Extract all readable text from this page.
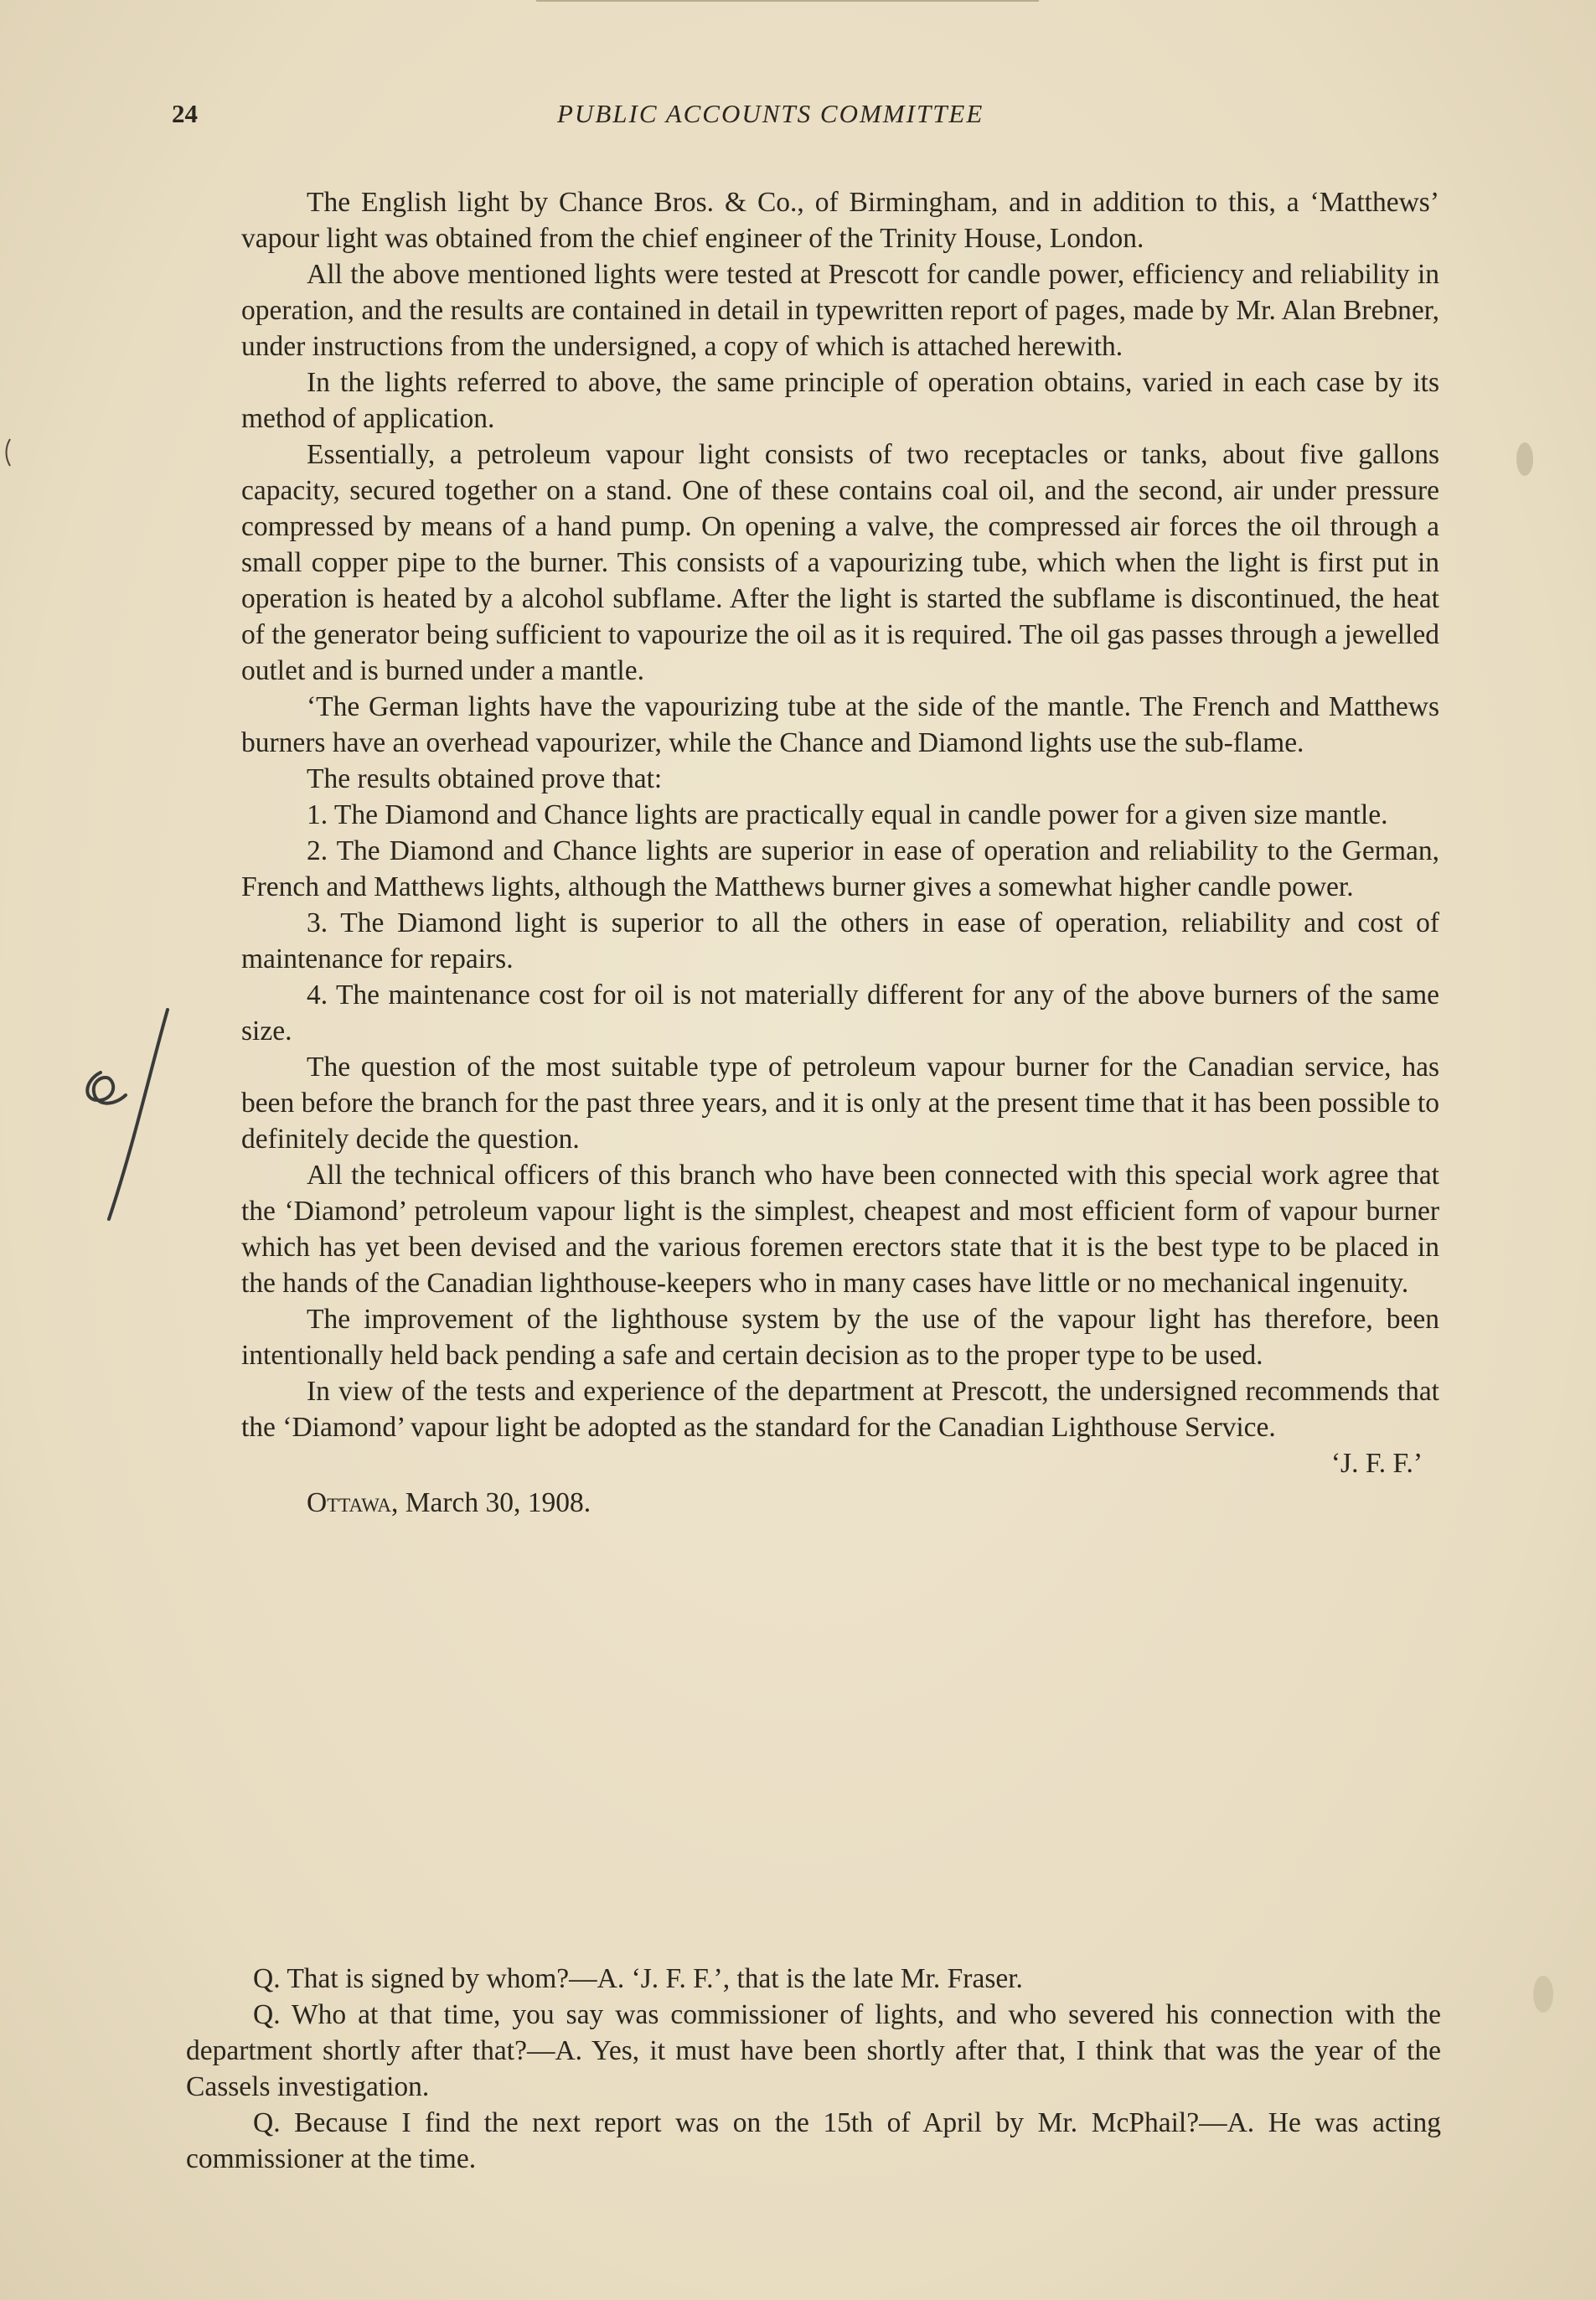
24	PUBLIC ACCOUNTS COMMITTEE

The English light by Chance Bros. & Co., of Birmingham, and in addition to this, a ‘Matthews’ vapour light was obtained from the chief engineer of the Trinity House, London.

All the above mentioned lights were tested at Prescott for candle power, efficiency and reliability in operation, and the results are contained in detail in typewritten report of pages, made by Mr. Alan Brebner, under instructions from the undersigned, a copy of which is attached herewith.

In the lights referred to above, the same principle of operation obtains, varied in each case by its method of application.

Essentially, a petroleum vapour light consists of two receptacles or tanks, about five gallons capacity, secured together on a stand. One of these contains coal oil, and the second, air under pressure compressed by means of a hand pump. On opening a valve, the compressed air forces the oil through a small copper pipe to the burner. This consists of a vapourizing tube, which when the light is first put in operation is heated by a alcohol subflame. After the light is started the subflame is discontinued, the heat of the generator being sufficient to vapourize the oil as it is required. The oil gas passes through a jewelled outlet and is burned under a mantle.

‘The German lights have the vapourizing tube at the side of the mantle. The French and Matthews burners have an overhead vapourizer, while the Chance and Diamond lights use the sub-flame.

The results obtained prove that:

1. The Diamond and Chance lights are practically equal in candle power for a given size mantle.

2. The Diamond and Chance lights are superior in ease of operation and reliability to the German, French and Matthews lights, although the Matthews burner gives a somewhat higher candle power.

3. The Diamond light is superior to all the others in ease of operation, reliability and cost of maintenance for repairs.

4. The maintenance cost for oil is not materially different for any of the above burners of the same size.

The question of the most suitable type of petroleum vapour burner for the Canadian service, has been before the branch for the past three years, and it is only at the present time that it has been possible to definitely decide the question.

All the technical officers of this branch who have been connected with this special work agree that the ‘Diamond’ petroleum vapour light is the simplest, cheapest and most efficient form of vapour burner which has yet been devised and the various foremen erectors state that it is the best type to be placed in the hands of the Canadian lighthouse-keepers who in many cases have little or no mechanical ingenuity.

The improvement of the lighthouse system by the use of the vapour light has therefore, been intentionally held back pending a safe and certain decision as to the proper type to be used.

In view of the tests and experience of the department at Prescott, the undersigned recommends that the ‘Diamond’ vapour light be adopted as the standard for the Canadian Lighthouse Service.

‘J. F. F.’

Ottawa, March 30, 1908.

Q. That is signed by whom?—A. ‘J. F. F.’, that is the late Mr. Fraser.

Q. Who at that time, you say was commissioner of lights, and who severed his connection with the department shortly after that?—A. Yes, it must have been shortly after that, I think that was the year of the Cassels investigation.

Q. Because I find the next report was on the 15th of April by Mr. McPhail?—A. He was acting commissioner at the time.
